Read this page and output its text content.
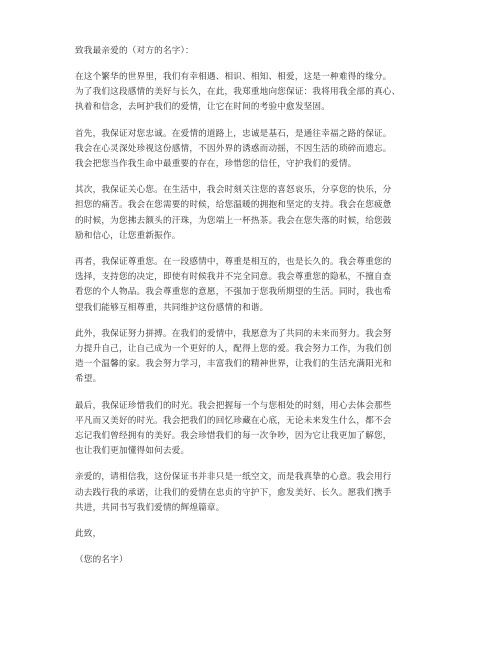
致我最亲爱的（对方的名字）：
在这个繁华的世界里，我们有幸相遇、相识、相知、相爱，这是一种难得的缘分。
为了我们这段感情的美好与长久，在此，我郑重地向您保证：我将用我全部的真心、
执着和信念，去呵护我们的爱情，让它在时间的考验中愈发坚固。
首先，我保证对您忠诚。在爱情的道路上，忠诚是基石，是通往幸福之路的保证。
我会在心灵深处珍视这份感情，不因外界的诱惑而动摇，不因生活的琐碎而遗忘。
我会把您当作我生命中最重要的存在，珍惜您的信任，守护我们的爱情。
其次，我保证关心您。在生活中，我会时刻关注您的喜怒哀乐，分享您的快乐，分
担您的痛苦。我会在您需要的时候，给您温暖的拥抱和坚定的支持。我会在您疲惫
的时候，为您拂去额头的汗珠，为您端上一杯热茶。我会在您失落的时候，给您鼓
励和信心，让您重新振作。
再者，我保证尊重您。在一段感情中，尊重是相互的，也是长久的。我会尊重您的
选择，支持您的决定，即使有时候我并不完全同意。我会尊重您的隐私，不擅自查
看您的个人物品。我会尊重您的意愿，不强加于您我所期望的生活。同时，我也希
望我们能够互相尊重，共同维护这份感情的和谐。
此外，我保证努力拼搏。在我们的爱情中，我愿意为了共同的未来而努力。我会努
力提升自己，让自己成为一个更好的人，配得上您的爱。我会努力工作，为我们创
造一个温馨的家。我会努力学习，丰富我们的精神世界，让我们的生活充满阳光和
希望。
最后，我保证珍惜我们的时光。我会把握每一个与您相处的时刻，用心去体会那些
平凡而又美好的时光。我会把我们的回忆珍藏在心底，无论未来发生什么，都不会
忘记我们曾经拥有的美好。我会珍惜我们的每一次争吵，因为它让我更加了解您，
也让我们更加懂得如何去爱。
亲爱的，请相信我，这份保证书并非只是一纸空文，而是我真挚的心意。我会用行
动去践行我的承诺，让我们的爱情在忠贞的守护下，愈发美好、长久。愿我们携手
共进，共同书写我们爱情的辉煌篇章。
此致，
（您的名字）
